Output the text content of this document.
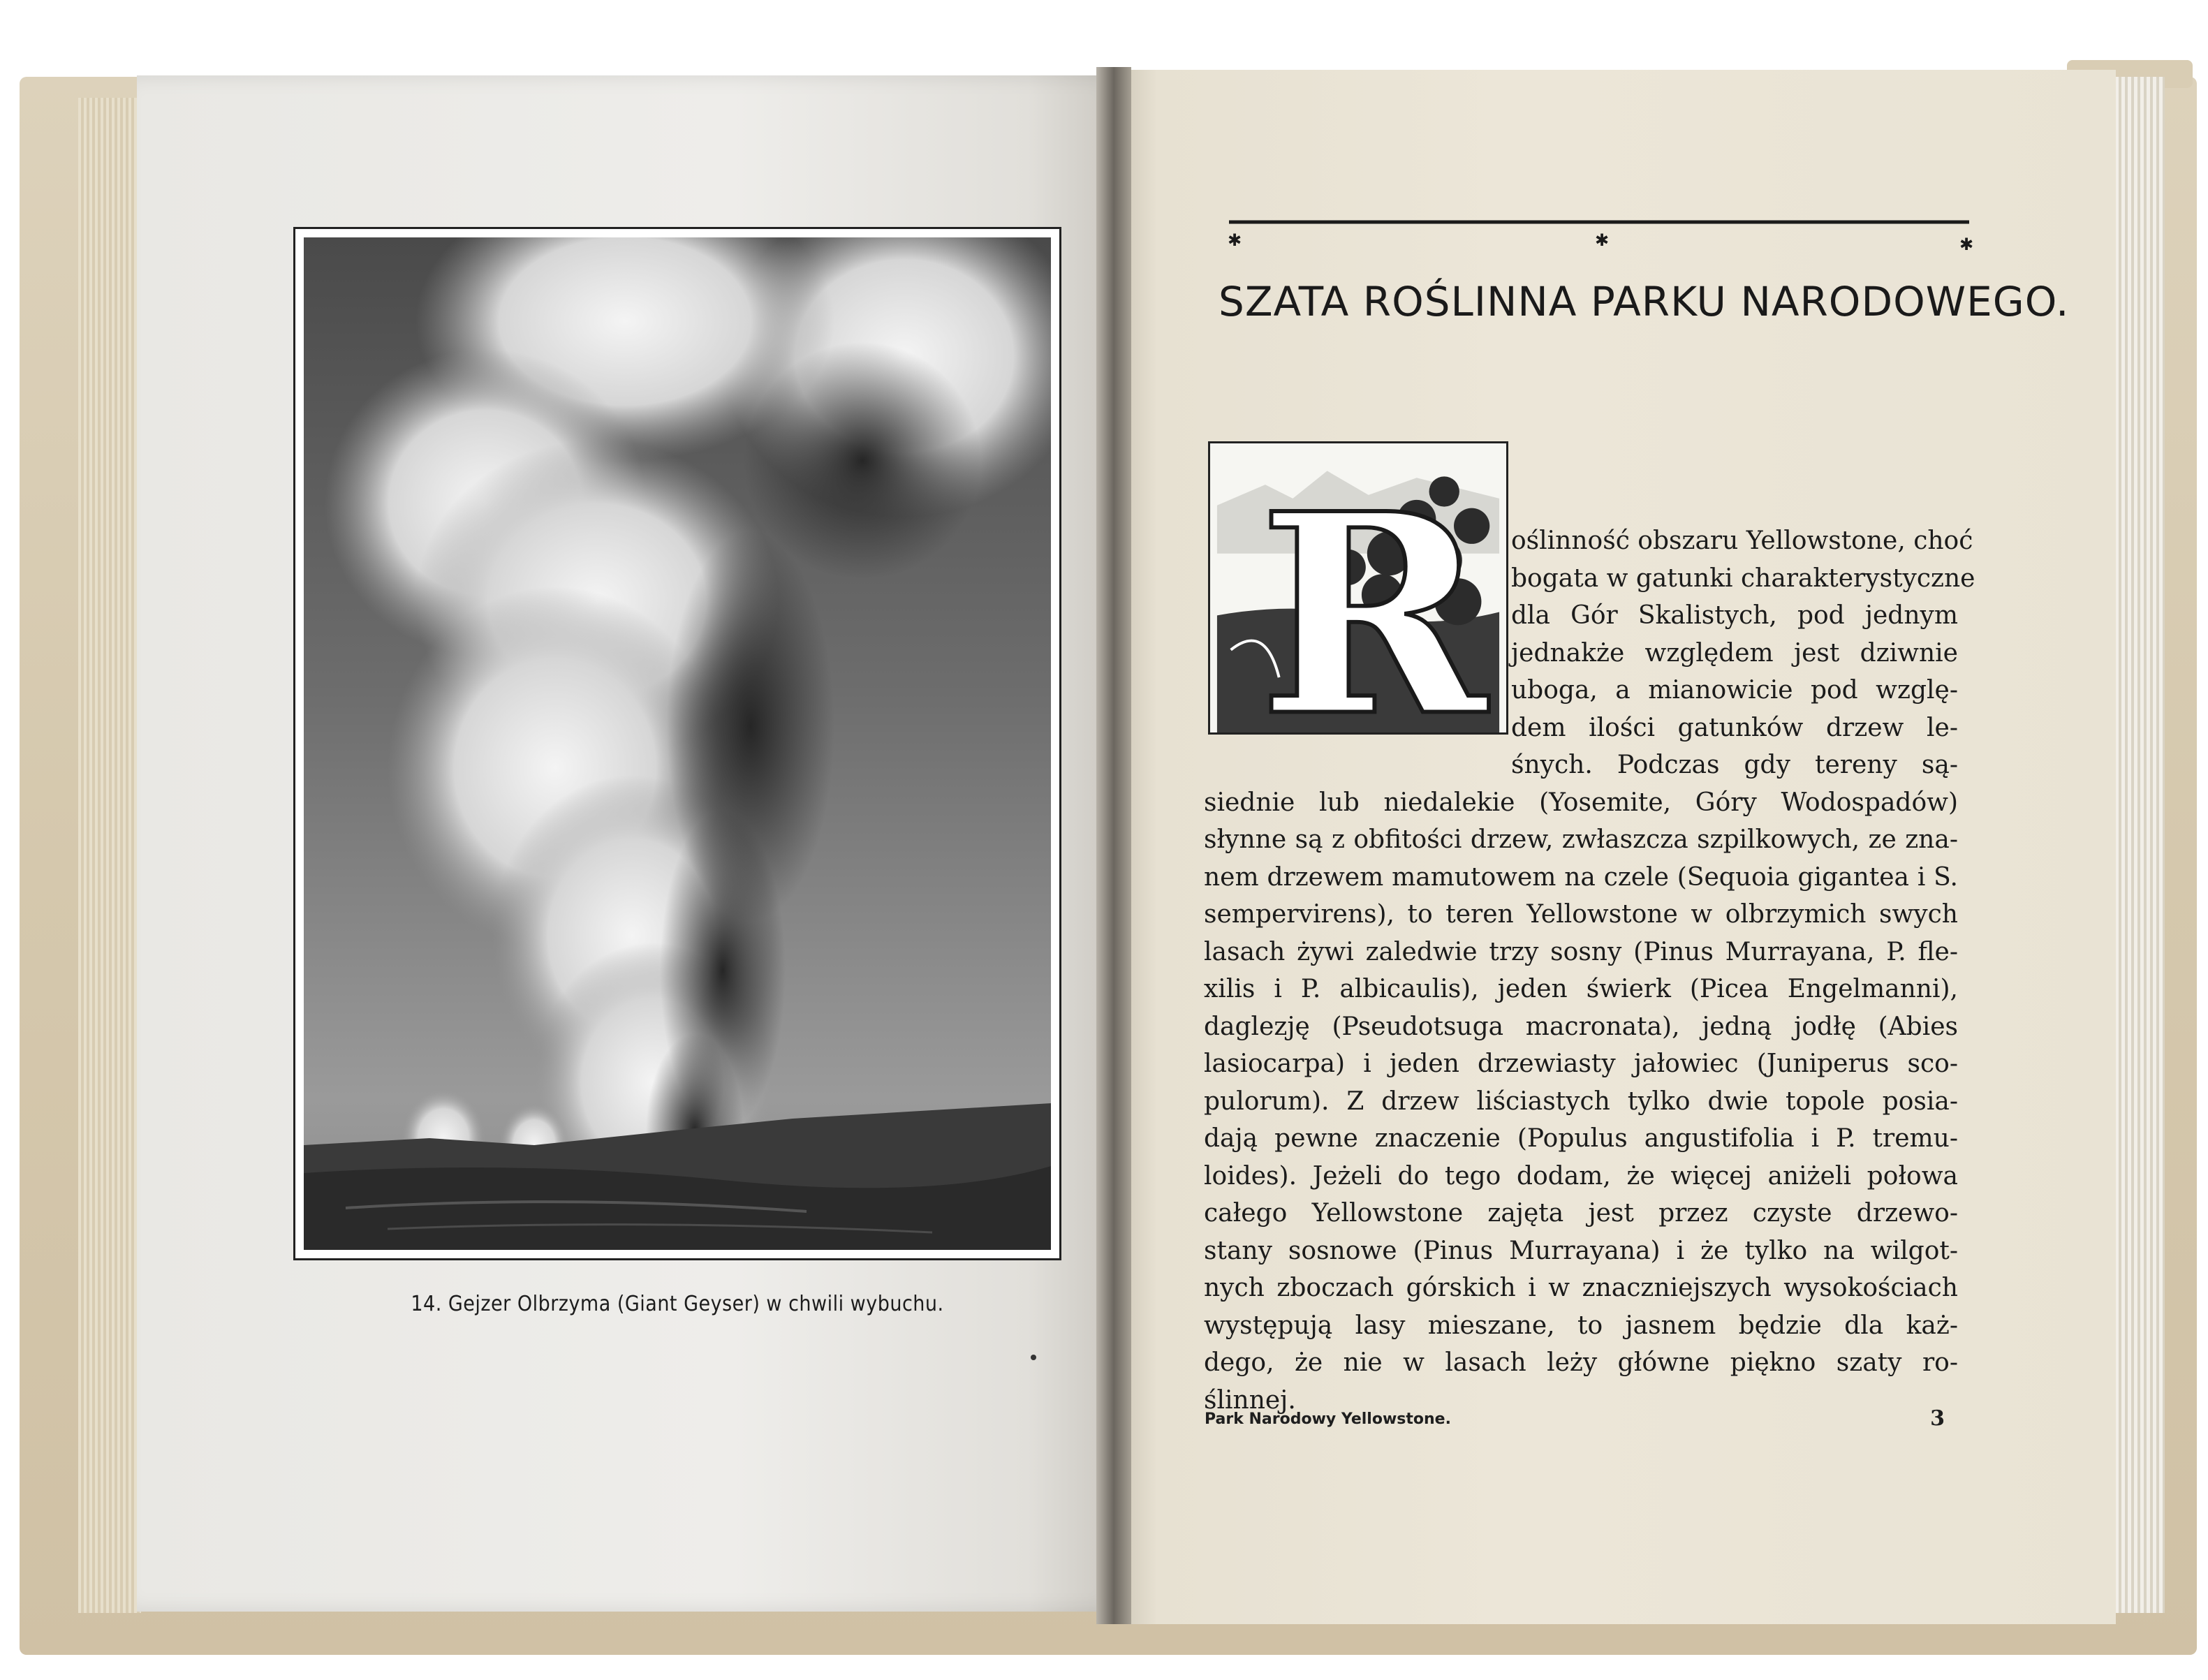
14. Gejzer Olbrzyma (Giant Geyser) w chwili wybuchu.
✱	✱	✱
SZATA ROŚLINNA PARKU NARODOWEGO.
R oślinność obszaru Yellowstone, choć
bogata w gatunki charakterystyczne
dla Gór Skalistych, pod jednym
jednakże względem jest dziwnie
uboga, a mianowicie pod wzglę-
dem ilości gatunków drzew le-
śnych. Podczas gdy tereny są-
siednie lub niedalekie (Yosemite, Góry Wodospadów)
słynne są z obfitości drzew, zwłaszcza szpilkowych, ze zna-
nem drzewem mamutowem na czele (Sequoia gigantea i S.
sempervirens), to teren Yellowstone w olbrzymich swych
lasach żywi zaledwie trzy sosny (Pinus Murrayana, P. fle-
xilis i P. albicaulis), jeden świerk (Picea Engelmanni),
daglezję (Pseudotsuga macronata), jedną jodłę (Abies
lasiocarpa) i jeden drzewiasty jałowiec (Juniperus sco-
pulorum). Z drzew liściastych tylko dwie topole posia-
dają pewne znaczenie (Populus angustifolia i P. tremu-
loides). Jeżeli do tego dodam, że więcej aniżeli połowa
całego Yellowstone zajęta jest przez czyste drzewo-
stany sosnowe (Pinus Murrayana) i że tylko na wilgot-
nych zboczach górskich i w znaczniejszych wysokościach
występują lasy mieszane, to jasnem będzie dla każ-
dego, że nie w lasach leży główne piękno szaty ro-
ślinnej.
Park Narodowy Yellowstone.	3
